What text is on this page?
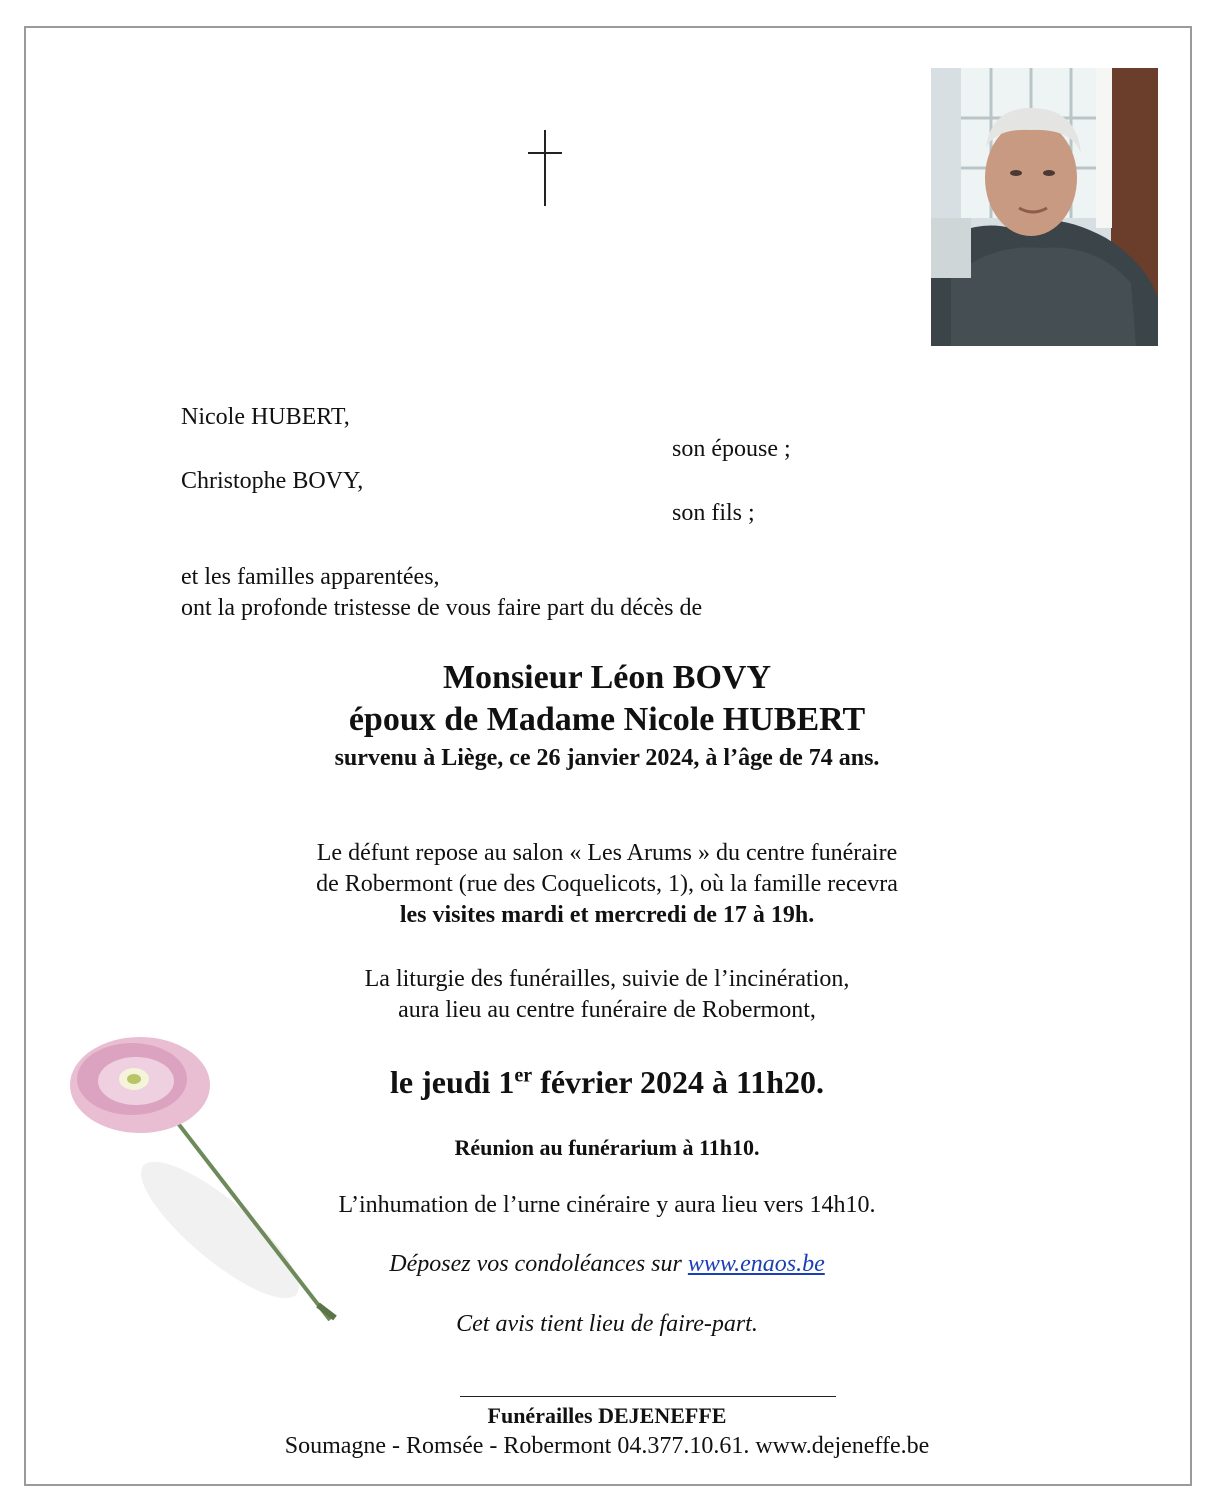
Nicole HUBERT,
son épouse ;
Christophe BOVY,
son fils ;
et les familles apparentées,
ont la profonde tristesse de vous faire part du décès de
Monsieur Léon BOVY
époux de Madame Nicole HUBERT
survenu à Liège, ce 26 janvier 2024, à l’âge de 74 ans.
Le défunt repose au salon « Les Arums » du centre funéraire
de Robermont (rue des Coquelicots, 1), où la famille recevra
les visites mardi et mercredi de 17 à 19h.
La liturgie des funérailles, suivie de l’incinération,
aura lieu au centre funéraire de Robermont,
le jeudi 1er février 2024 à 11h20.
Réunion au funérarium à 11h10.
L’inhumation de l’urne cinéraire y aura lieu vers 14h10.
Déposez vos condoléances sur www.enaos.be
Cet avis tient lieu de faire-part.
Funérailles DEJENEFFE
Soumagne - Romsée - Robermont 04.377.10.61. www.dejeneffe.be
